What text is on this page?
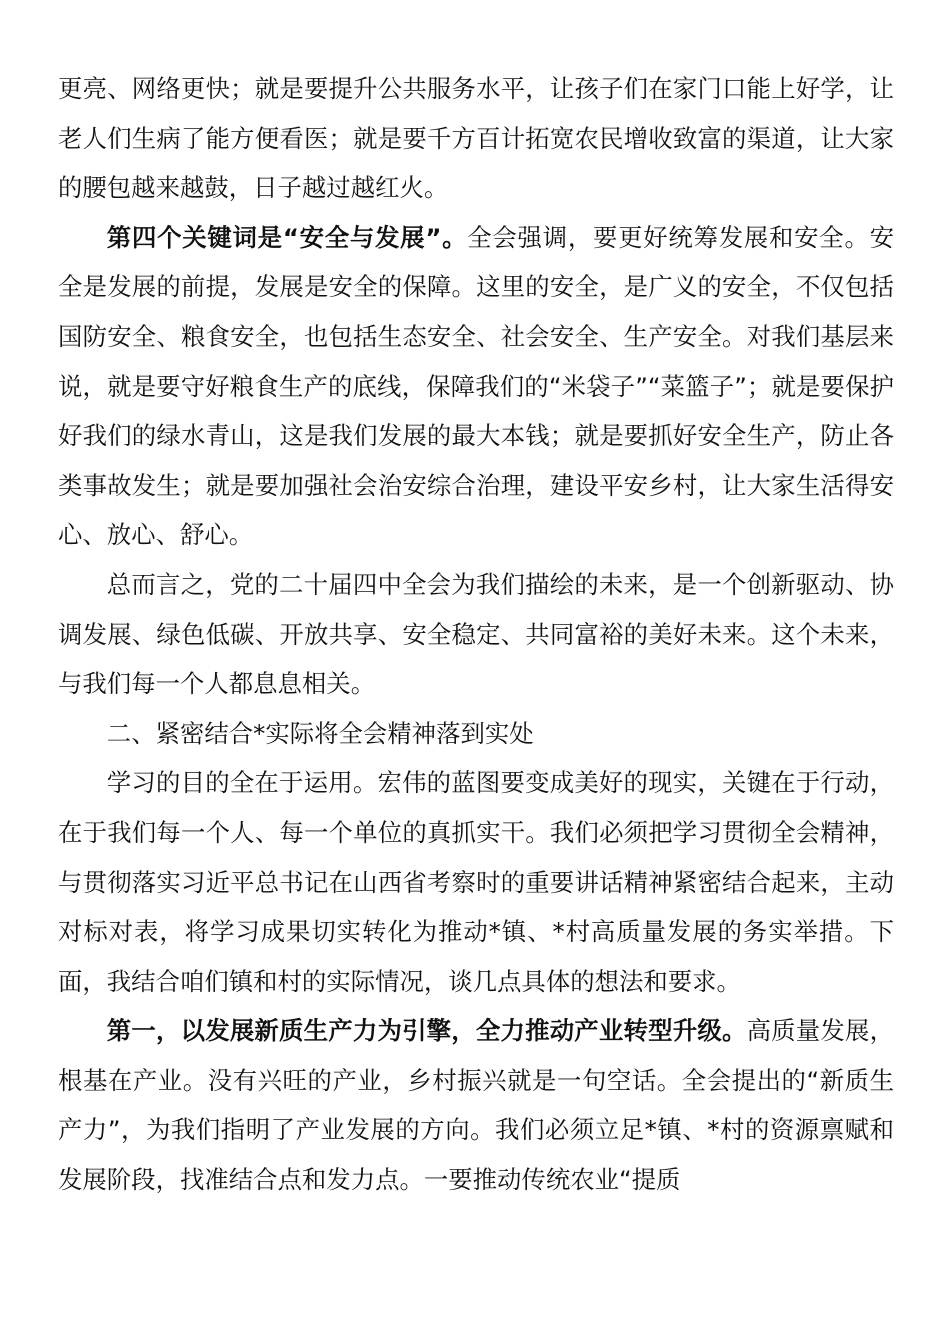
更亮、网络更快；就是要提升公共服务水平，让孩子们在家门口能上好学，让老人们生病了能方便看医；就是要千方百计拓宽农民增收致富的渠道，让大家的腰包越来越鼓，日子越过越红火。

第四个关键词是“安全与发展”。全会强调，要更好统筹发展和安全。安全是发展的前提，发展是安全的保障。这里的安全，是广义的安全，不仅包括国防安全、粮食安全，也包括生态安全、社会安全、生产安全。对我们基层来说，就是要守好粮食生产的底线，保障我们的“米袋子”“菜篮子”；就是要保护好我们的绿水青山，这是我们发展的最大本钱；就是要抓好安全生产，防止各类事故发生；就是要加强社会治安综合治理，建设平安乡村，让大家生活得安心、放心、舒心。

总而言之，党的二十届四中全会为我们描绘的未来，是一个创新驱动、协调发展、绿色低碳、开放共享、安全稳定、共同富裕的美好未来。这个未来，与我们每一个人都息息相关。

二、紧密结合*实际将全会精神落到实处

学习的目的全在于运用。宏伟的蓝图要变成美好的现实，关键在于行动，在于我们每一个人、每一个单位的真抓实干。我们必须把学习贯彻全会精神，与贯彻落实习近平总书记在山西省考察时的重要讲话精神紧密结合起来，主动对标对表，将学习成果切实转化为推动*镇、*村高质量发展的务实举措。下面，我结合咱们镇和村的实际情况，谈几点具体的想法和要求。

第一，以发展新质生产力为引擎，全力推动产业转型升级。高质量发展，根基在产业。没有兴旺的产业，乡村振兴就是一句空话。全会提出的“新质生产力”，为我们指明了产业发展的方向。我们必须立足*镇、*村的资源禀赋和发展阶段，找准结合点和发力点。一要推动传统农业“提质
